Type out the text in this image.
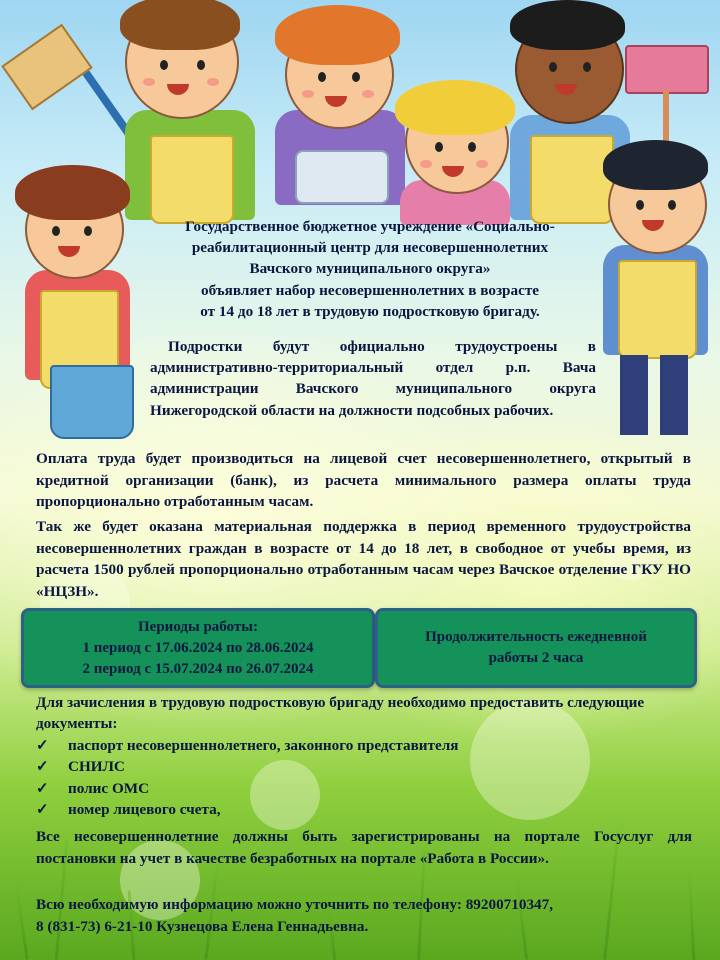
Государственное бюджетное учреждение «Социально-
реабилитационный центр для несовершеннолетних
Вачского муниципального округа»
объявляет набор несовершеннолетних в возрасте
от 14 до 18 лет в трудовую подростковую бригаду.
Подростки будут официально трудоустроены в административно-территориальный отдел р.п. Вача администрации Вачского муниципального округа Нижегородской области на должности подсобных рабочих.
Оплата труда будет производиться на лицевой счет несовершеннолетнего, открытый в кредитной организации (банк), из расчета минимального размера оплаты труда пропорционально отработанным часам.
Так же будет оказана материальная поддержка в период временного трудоустройства несовершеннолетних граждан в возрасте от 14 до 18 лет, в свободное от учебы время, из расчета 1500 рублей пропорционально отработанным часам через Вачское отделение ГКУ НО «НЦЗН».
Периоды работы:
1 период с 17.06.2024 по 28.06.2024
2 период с 15.07.2024 по 26.07.2024
Продолжительность ежедневной
работы 2 часа
Для зачисления в трудовую подростковую бригаду необходимо предоставить следующие документы:
✓ паспорт несовершеннолетнего, законного представителя
✓ СНИЛС
✓ полис ОМС
✓ номер лицевого счета,
Все несовершеннолетние должны быть зарегистрированы на портале Госуслуг для постановки на учет в качестве безработных на портале «Работа в России».
Всю необходимую информацию можно уточнить по телефону: 89200710347,
8 (831-73) 6-21-10 Кузнецова Елена Геннадьевна.
